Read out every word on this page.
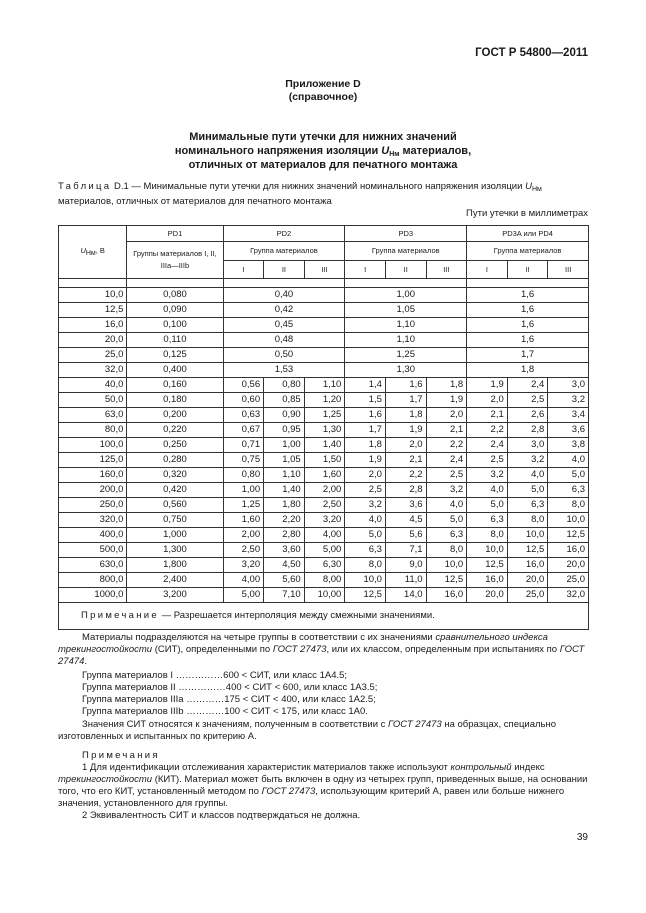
ГОСТ Р 54800—2011
Приложение D
(справочное)
Минимальные пути утечки для нижних значений
номинального напряжения изоляции $U_{Нм}$ материалов,
отличных от материалов для печатного монтажа
Таблица D.1 — Минимальные пути утечки для нижних значений номинального напряжения изоляции $U_{Нм}$ материалов, отличных от материалов для печатного монтажа
Пути утечки в миллиметрах
UНм, В	PD1	PD2			PD3			PD3A или PD4		
	Группы материалов I, II, IIIa—IIIb	Группа материалов			Группа материалов			Группа материалов		
		I	II	III	I	II	III	I	II	III

10,0	0,080	0,40			1,00			1,6		
12,5	0,090	0,42			1,05			1,6		
16,0	0,100	0,45			1,10			1,6		
20,0	0,110	0,48			1,10			1,6		
25,0	0,125	0,50			1,25			1,7		
32,0	0,400	1,53			1,30			1,8		
40,0	0,160	0,56	0,80	1,10	1,4	1,6	1,8	1,9	2,4	3,0
50,0	0,180	0,60	0,85	1,20	1,5	1,7	1,9	2,0	2,5	3,2
63,0	0,200	0,63	0,90	1,25	1,6	1,8	2,0	2,1	2,6	3,4
80,0	0,220	0,67	0,95	1,30	1,7	1,9	2,1	2,2	2,8	3,6
100,0	0,250	0,71	1,00	1,40	1,8	2,0	2,2	2,4	3,0	3,8
125,0	0,280	0,75	1,05	1,50	1,9	2,1	2,4	2,5	3,2	4,0
160,0	0,320	0,80	1,10	1,60	2,0	2,2	2,5	3,2	4,0	5,0
200,0	0,420	1,00	1,40	2,00	2,5	2,8	3,2	4,0	5,0	6,3
250,0	0,560	1,25	1,80	2,50	3,2	3,6	4,0	5,0	6,3	8,0
320,0	0,750	1,60	2,20	3,20	4,0	4,5	5,0	6,3	8,0	10,0
400,0	1,000	2,00	2,80	4,00	5,0	5,6	6,3	8,0	10,0	12,5
500,0	1,300	2,50	3,60	5,00	6,3	7,1	8,0	10,0	12,5	16,0
630,0	1,800	3,20	4,50	6,30	8,0	9,0	10,0	12,5	16,0	20,0
800,0	2,400	4,00	5,60	8,00	10,0	11,0	12,5	16,0	20,0	25,0
1000,0	3,200	5,00	7,10	10,00	12,5	14,0	16,0	20,0	25,0	32,0
Примечание — Разрешается интерполяция между смежными значениями.										
Материалы подразделяются на четыре группы в соответствии с их значениями сравнительного индекса трекингостойкости (СИТ), определенными по ГОСТ 27473, или их классом, определенным при испытаниях по ГОСТ 27474.
Группа материалов I ……………600 < СИТ, или класс 1А4.5;
Группа материалов II ……………400 < СИТ < 600, или класс 1А3.5;
Группа материалов IIIa …………175 < СИТ < 400, или класс 1А2.5;
Группа материалов IIIb …………100 < СИТ < 175, или класс 1А0.
Значения СИТ относятся к значениям, полученным в соответствии с ГОСТ 27473 на образцах, специально изготовленных и испытанных по критерию А.
Примечания
1 Для идентификации отслеживания характеристик материалов также используют контрольный индекс трекингостойкости (КИТ). Материал может быть включен в одну из четырех групп, приведенных выше, на основании того, что его КИТ, установленный методом по ГОСТ 27473, использующим критерий А, равен или больше нижнего значения, установленного для группы.
2 Эквивалентность СИТ и классов подтверждаться не должна.
39
